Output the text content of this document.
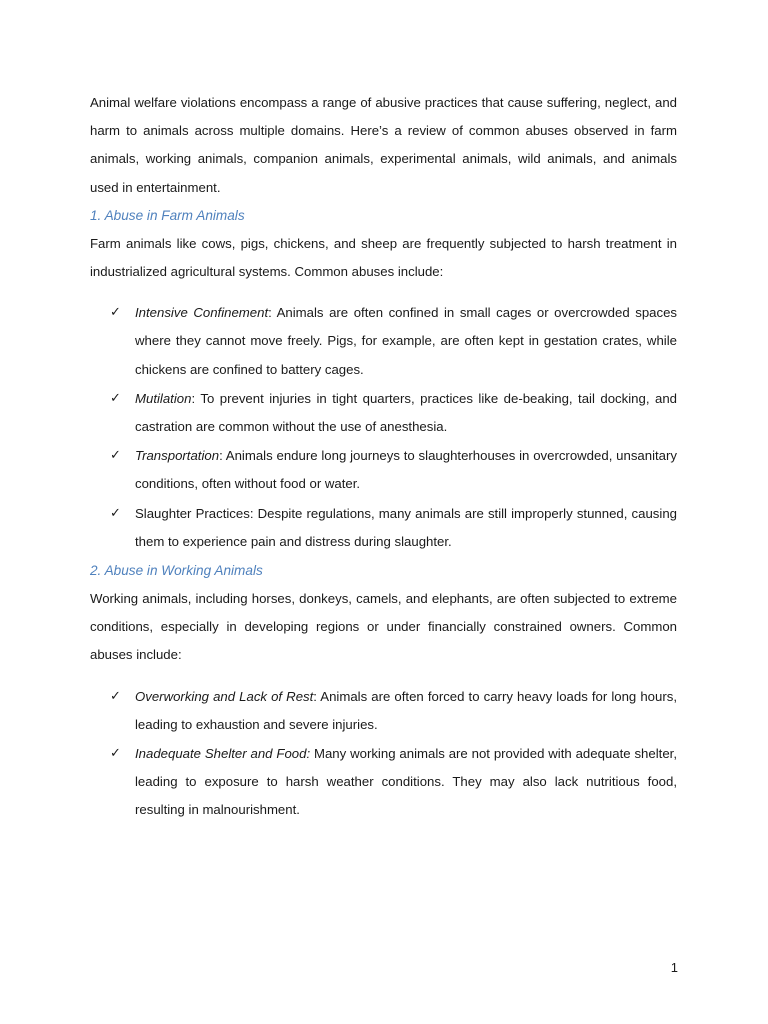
Animal welfare violations encompass a range of abusive practices that cause suffering, neglect, and harm to animals across multiple domains. Here’s a review of common abuses observed in farm animals, working animals, companion animals, experimental animals, wild animals, and animals used in entertainment.

1. Abuse in Farm Animals

Farm animals like cows, pigs, chickens, and sheep are frequently subjected to harsh treatment in industrialized agricultural systems. Common abuses include:

✓ Intensive Confinement: Animals are often confined in small cages or overcrowded spaces where they cannot move freely. Pigs, for example, are often kept in gestation crates, while chickens are confined to battery cages.
✓ Mutilation: To prevent injuries in tight quarters, practices like de-beaking, tail docking, and castration are common without the use of anesthesia.
✓ Transportation: Animals endure long journeys to slaughterhouses in overcrowded, unsanitary conditions, often without food or water.
✓ Slaughter Practices: Despite regulations, many animals are still improperly stunned, causing them to experience pain and distress during slaughter.
2. Abuse in Working Animals

Working animals, including horses, donkeys, camels, and elephants, are often subjected to extreme conditions, especially in developing regions or under financially constrained owners. Common abuses include:

✓ Overworking and Lack of Rest: Animals are often forced to carry heavy loads for long hours, leading to exhaustion and severe injuries.
✓ Inadequate Shelter and Food: Many working animals are not provided with adequate shelter, leading to exposure to harsh weather conditions. They may also lack nutritious food, resulting in malnourishment.
1
